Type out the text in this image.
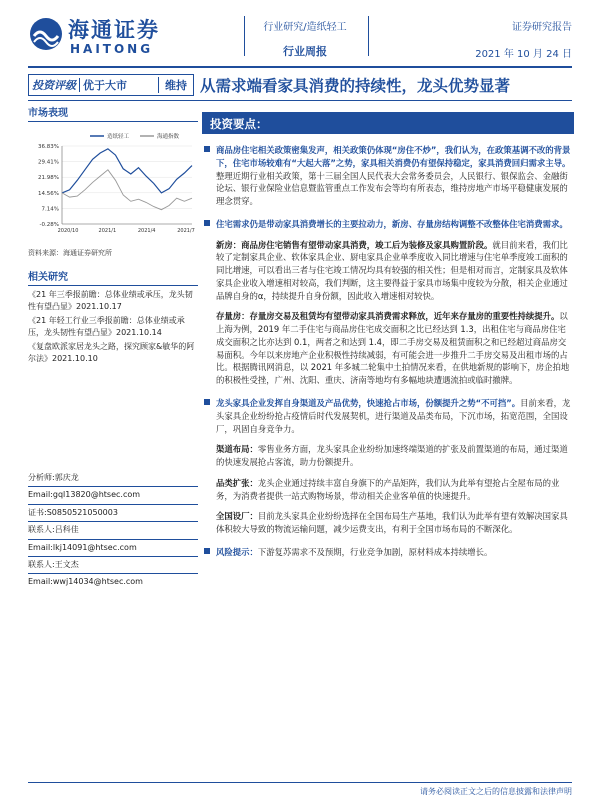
海通证券
HAITONG
行业研究/造纸轻工
行业周报
证券研究报告
2021 年 10 月 24 日
投资评级 优于大市	维持 从需求端看家具消费的持续性，龙头优势显著
市场表现
36.83%
29.41%
21.98%
14.56%
7.14%
-0.28%
2020/10	2021/1	2021/4	2021/7
造纸轻工	海通指数
资料来源：海通证券研究所
相关研究
《21 年三季报前瞻：总体业绩或承压，龙头韧性有望凸显》2021.10.17
《21 年轻工行业三季报前瞻：总体业绩或承压，龙头韧性有望凸显》2021.10.14
《复盘欧派家居龙头之路，探究顾家&敏华的阿尔法》2021.10.10
分析师:郭庆龙
Email:gql13820@htsec.com
证书:S0850521050003
联系人:吕科佳
Email:lkj14091@htsec.com
联系人:王文杰
Email:wwj14034@htsec.com
投资要点：
商品房住宅相关政策密集发声，相关政策仍体现“房住不炒”，我们认为，在政策基调不改的背景下，住宅市场较难有“大起大落”之势，家具相关消费仍有望保持稳定，家具消费回归需求主导。整理近期行业相关政策，第十三届全国人民代表大会常务委员会，人民银行、银保监会、金融街论坛、银行业保险业信息暨监管重点工作发布会等均有所表态，维持房地产市场平稳健康发展的理念贯穿。
住宅需求仍是带动家具消费增长的主要拉动力，新房、存量房结构调整不改整体住宅消费需求。
新房：商品房住宅销售有望带动家具消费，竣工后为装修及家具购置阶段。就目前来看，我们比较了定制家具企业、软体家具企业、厨电家具企业单季度收入同比增速与住宅单季度竣工面积的同比增速，可以看出三者与住宅竣工情况均具有较强的相关性；但是相对而言，定制家具及软体家具企业收入增速相对较高，我们判断，这主要得益于家具市场集中度较为分散，相关企业通过品牌自身的α，持续提升自身份额，因此收入增速相对较快。
存量房：存量房交易及租赁均有望带动家具消费需求释放，近年来存量房的重要性持续提升。以上海为例，2019 年二手住宅与商品房住宅成交面积之比已经达到 1.3，出租住宅与商品房住宅成交面积之比亦达到 0.1，两者之和达到 1.4，即二手房交易及租赁面积之和已经超过商品房交易面积。今年以来房地产企业积极性持续减弱，有可能会进一步推升二手房交易及出租市场的占比。根据腾讯网消息，以 2021 年多城二轮集中土拍情况来看，在供地新规的影响下，房企拍地的积极性受挫，广州、沈阳、重庆、济南等地均有多幅地块遭遇流拍或临时撤牌。
龙头家具企业发挥自身渠道及产品优势，快速抢占市场，份额提升之势“不可挡”。目前来看，龙头家具企业纷纷抢占疫情后时代发展契机，进行渠道及品类布局，下沉市场，拓宽范围，全国设厂，巩固自身竞争力。
渠道布局：零售业务方面，龙头家具企业纷纷加速终端渠道的扩张及前置渠道的布局，通过渠道的快速发展抢占客流，助力份额提升。
品类扩张：龙头企业通过持续丰富自身旗下的产品矩阵，我们认为此举有望抢占全屋布局的业务，为消费者提供一站式购物场景，带动相关企业客单值的快速提升。
全国设厂：目前龙头家具企业纷纷选择在全国布局生产基地，我们认为此举有望有效解决国家具体积较大导致的物流运输问题，减少运费支出，有利于全国市场布局的不断深化。
风险提示：下游复苏需求不及预期，行业竞争加剧，原材料成本持续增长。
请务必阅读正文之后的信息披露和法律声明
